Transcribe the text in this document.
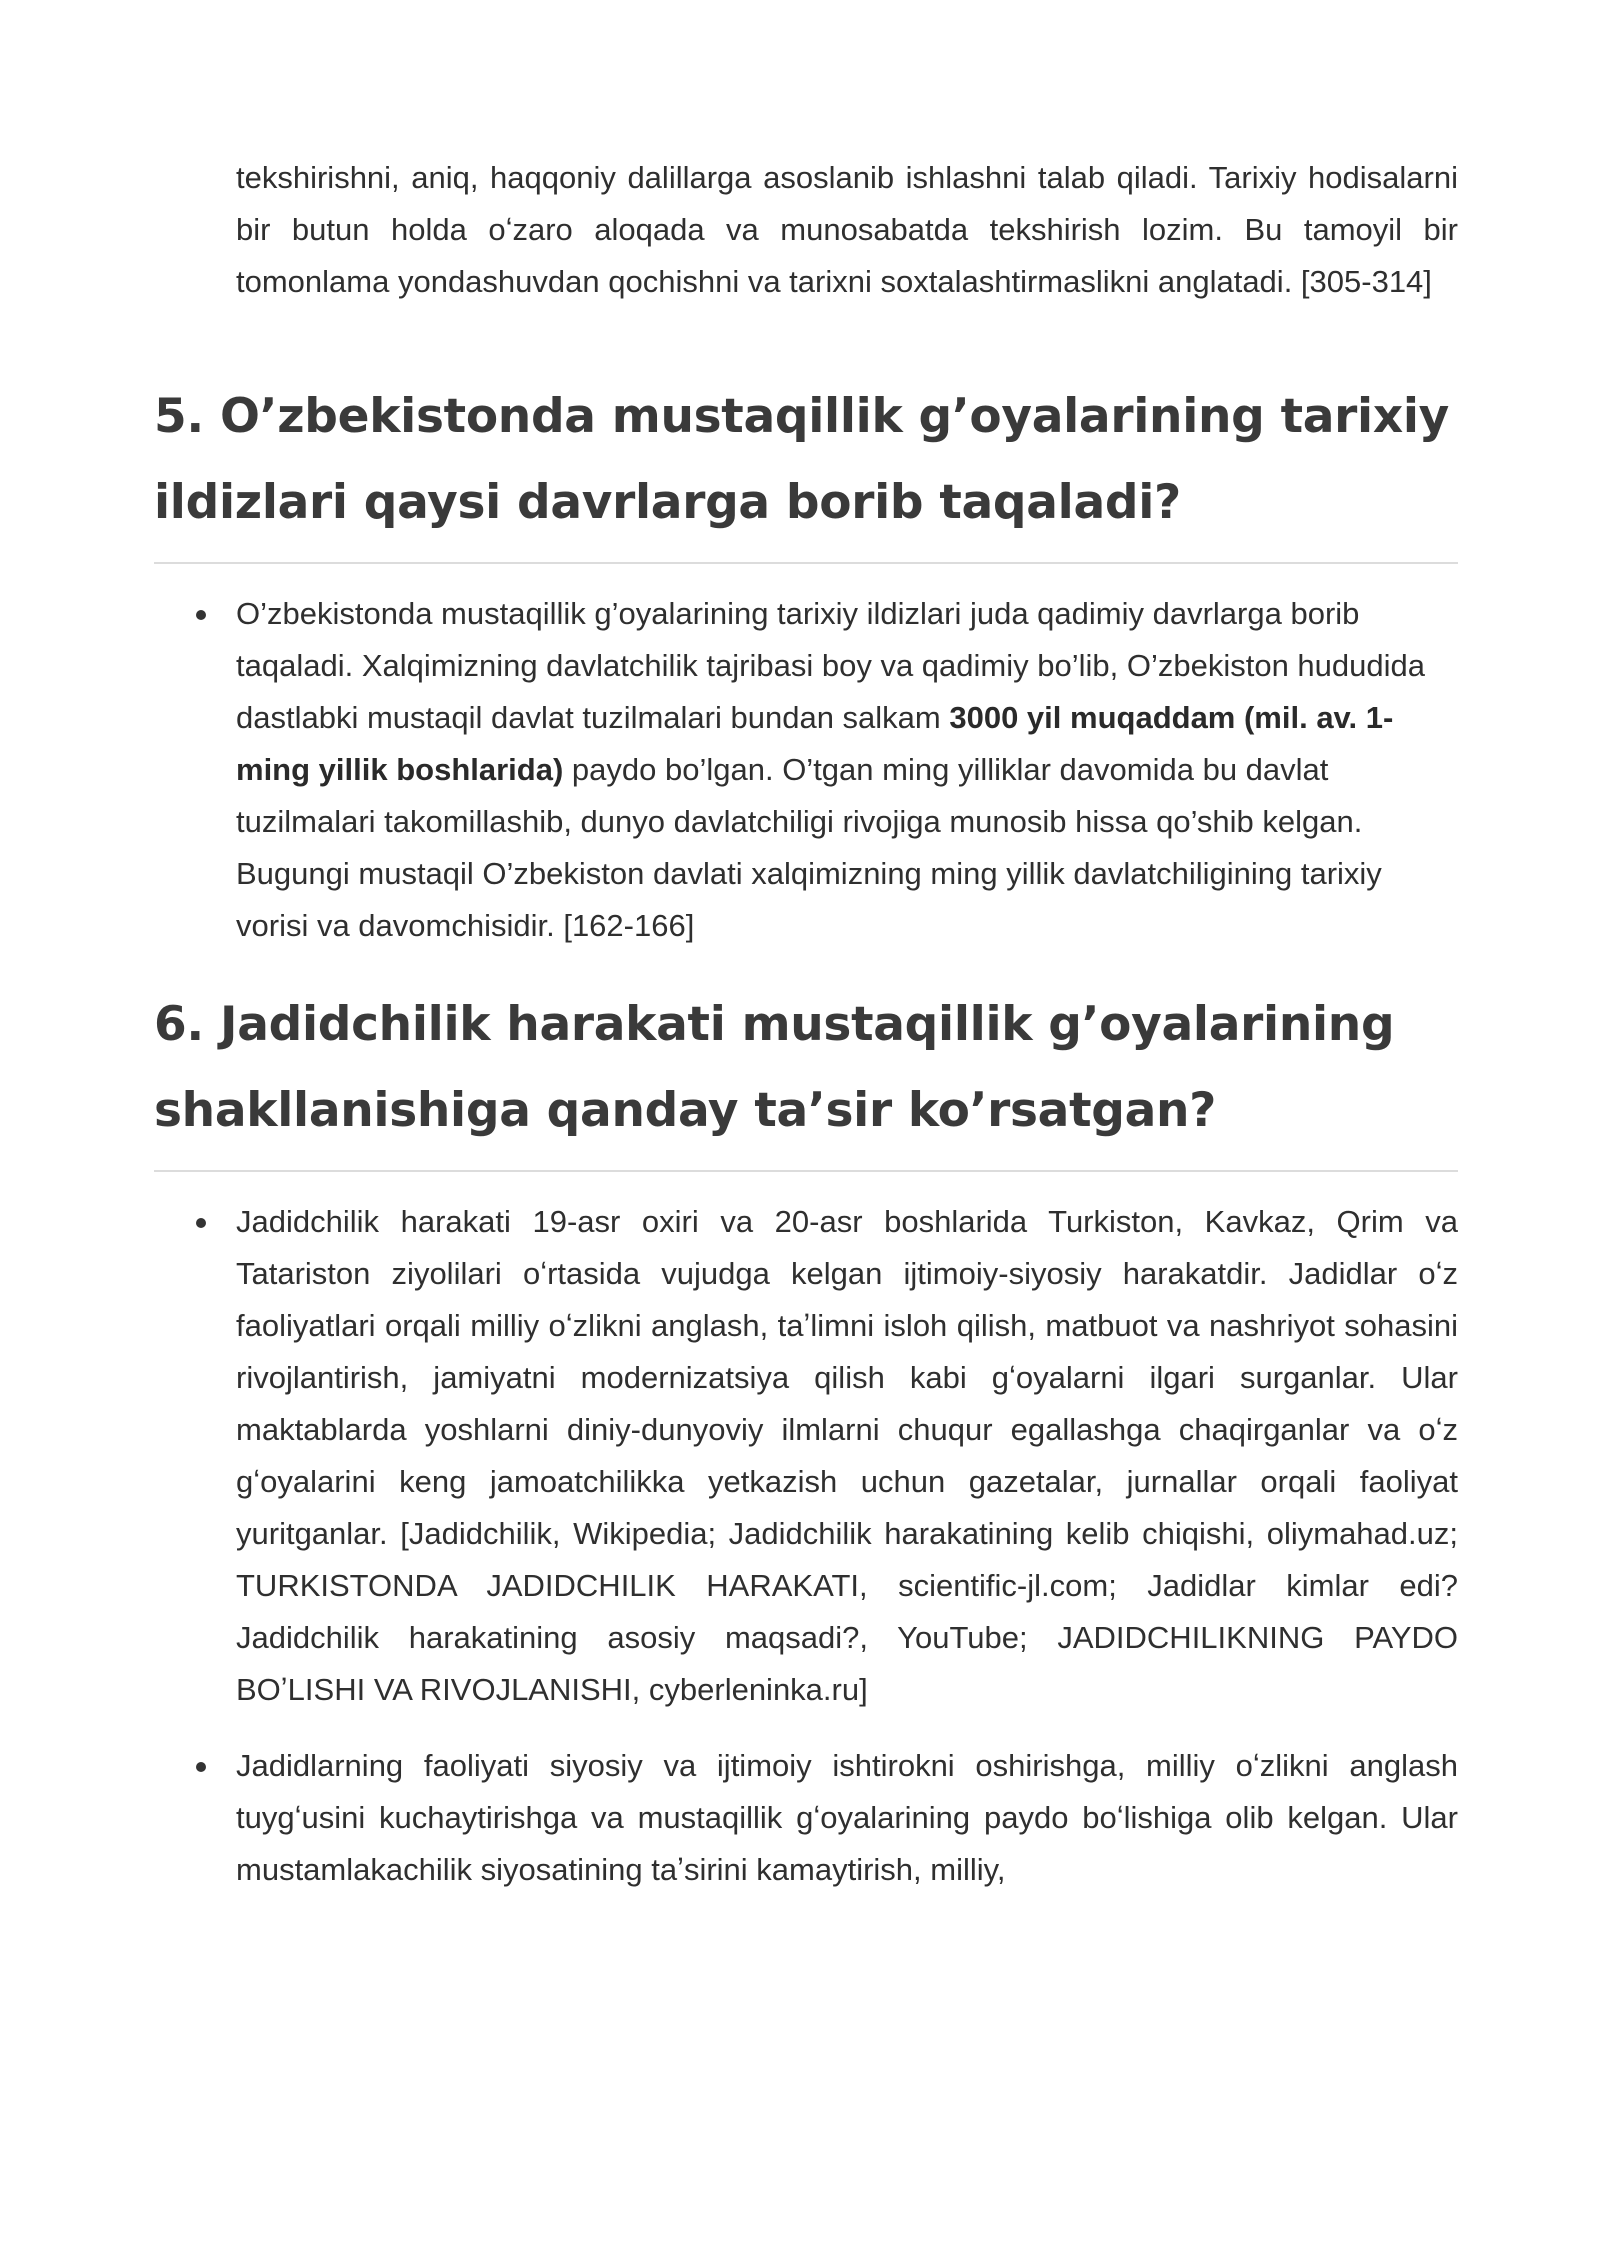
tekshirishni, aniq, haqqoniy dalillarga asoslanib ishlashni talab qiladi. Tarixiy hodisalarni bir butun holda oʻzaro aloqada va munosabatda tekshirish lozim. Bu tamoyil bir tomonlama yondashuvdan qochishni va tarixni soxtalashtirmaslikni anglatadi. [305-314]

5. O’zbekistonda mustaqillik g’oyalarining tarixiy ildizlari qaysi davrlarga borib taqaladi?
O’zbekistonda mustaqillik g’oyalarining tarixiy ildizlari juda qadimiy davrlarga borib taqaladi. Xalqimizning davlatchilik tajribasi boy va qadimiy bo’lib, O’zbekiston hududida dastlabki mustaqil davlat tuzilmalari bundan salkam 3000 yil muqaddam (mil. av. 1-ming yillik boshlarida) paydo bo’lgan. O’tgan ming yilliklar davomida bu davlat tuzilmalari takomillashib, dunyo davlatchiligi rivojiga munosib hissa qo’shib kelgan. Bugungi mustaqil O’zbekiston davlati xalqimizning ming yillik davlatchiligining tarixiy vorisi va davomchisidir. [162-166]
6. Jadidchilik harakati mustaqillik g’oyalarining shakllanishiga qanday ta’sir ko’rsatgan?
Jadidchilik harakati 19-asr oxiri va 20-asr boshlarida Turkiston, Kavkaz, Qrim va Tatariston ziyolilari oʻrtasida vujudga kelgan ijtimoiy-siyosiy harakatdir. Jadidlar oʻz faoliyatlari orqali milliy oʻzlikni anglash, taʼlimni isloh qilish, matbuot va nashriyot sohasini rivojlantirish, jamiyatni modernizatsiya qilish kabi gʻoyalarni ilgari surganlar. Ular maktablarda yoshlarni diniy-dunyoviy ilmlarni chuqur egallashga chaqirganlar va oʻz gʻoyalarini keng jamoatchilikka yetkazish uchun gazetalar, jurnallar orqali faoliyat yuritganlar. [Jadidchilik, Wikipedia; Jadidchilik harakatining kelib chiqishi, oliymahad.uz; TURKISTONDA JADIDCHILIK HARAKATI, scientific-jl.com; Jadidlar kimlar edi? Jadidchilik harakatining asosiy maqsadi?, YouTube; JADIDCHILIKNING PAYDO BOʼLISHI VA RIVOJLANISHI, cyberleninka.ru]
Jadidlarning faoliyati siyosiy va ijtimoiy ishtirokni oshirishga, milliy oʻzlikni anglash tuygʻusini kuchaytirishga va mustaqillik gʻoyalarining paydo boʻlishiga olib kelgan. Ular mustamlakachilik siyosatining taʼsirini kamaytirish, milliy,
